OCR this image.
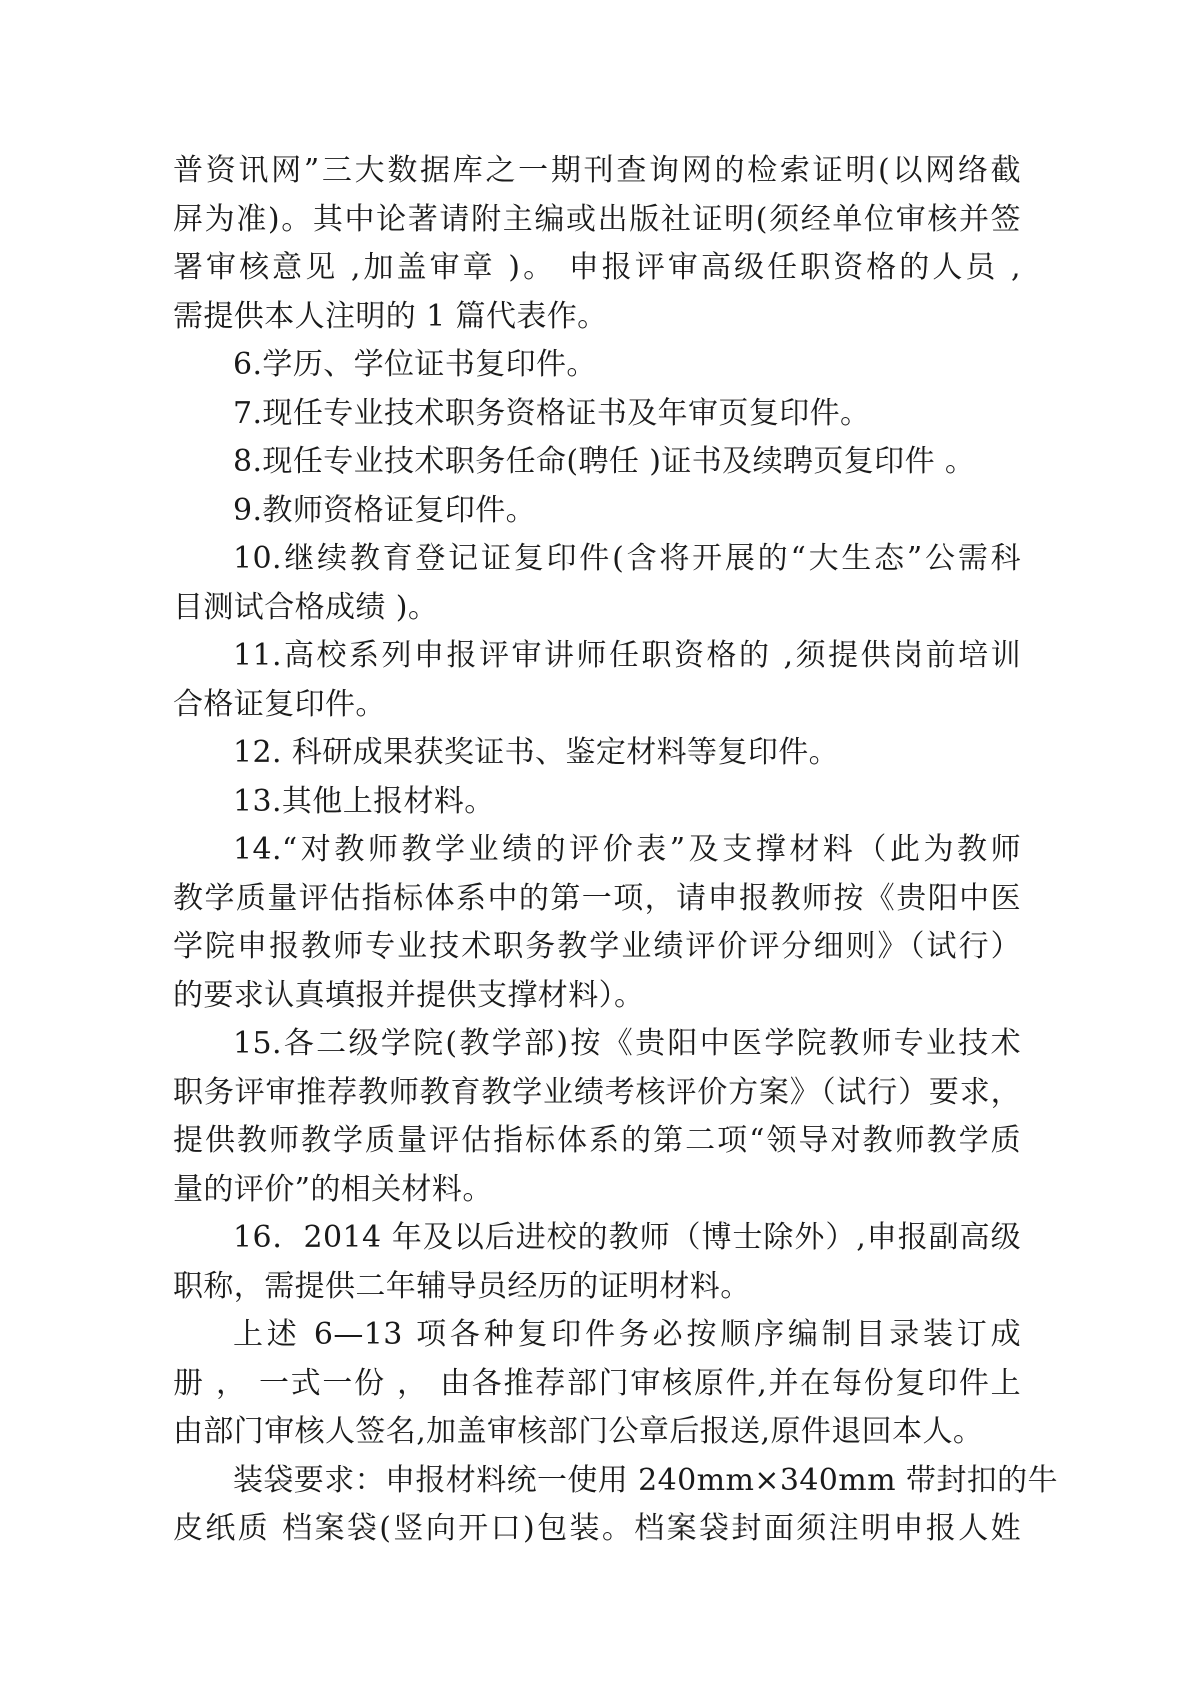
普资讯网”三大数据库之一期刊查询网的检索证明(以网络截
屏为准)。其中论著请附主编或出版社证明(须经单位审核并签
署审核意见 ,加盖审章 )。 申报评审高级任职资格的人员 ,
需提供本人注明的 1 篇代表作。
6.学历、学位证书复印件。
7.现任专业技术职务资格证书及年审页复印件。
8.现任专业技术职务任命(聘任 )证书及续聘页复印件 。
9.教师资格证复印件。
10.继续教育登记证复印件(含将开展的“大生态”公需科
目测试合格成绩 )。
11.高校系列申报评审讲师任职资格的 ,须提供岗前培训
合格证复印件。
12. 科研成果获奖证书、鉴定材料等复印件。
13.其他上报材料。
14.“对教师教学业绩的评价表”及支撑材料（此为教师
教学质量评估指标体系中的第一项，请申报教师按《贵阳中医
学院申报教师专业技术职务教学业绩评价评分细则》（试行）
的要求认真填报并提供支撑材料）。
15.各二级学院(教学部)按《贵阳中医学院教师专业技术
职务评审推荐教师教育教学业绩考核评价方案》（试行）要求，
提供教师教学质量评估指标体系的第二项“领导对教师教学质
量的评价”的相关材料。
16．2014 年及以后进校的教师（博士除外）,申报副高级
职称，需提供二年辅导员经历的证明材料。
上述 6—13 项各种复印件务必按顺序编制目录装订成
册 ， 一式一份 ， 由各推荐部门审核原件,并在每份复印件上
由部门审核人签名,加盖审核部门公章后报送,原件退回本人。
装袋要求：申报材料统一使用 240mm×340mm 带封扣的牛
皮纸质 档案袋(竖向开口)包装。档案袋封面须注明申报人姓
